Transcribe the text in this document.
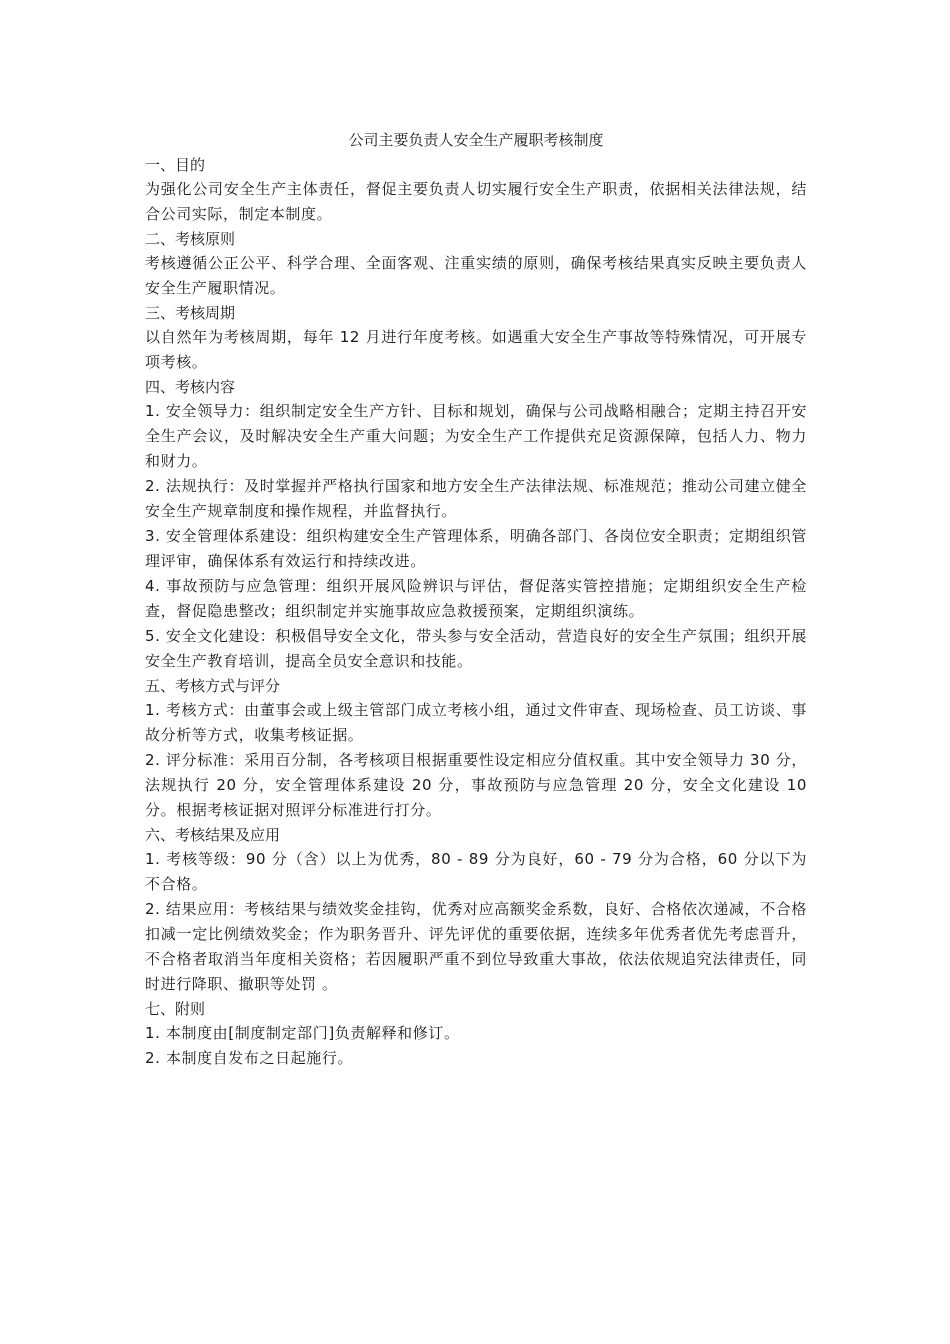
公司主要负责人安全生产履职考核制度
一、目的
为强化公司安全生产主体责任，督促主要负责人切实履行安全生产职责，依据相关法律法规，结合公司实际，制定本制度。
二、考核原则
考核遵循公正公平、科学合理、全面客观、注重实绩的原则，确保考核结果真实反映主要负责人安全生产履职情况。
三、考核周期
以自然年为考核周期，每年 12 月进行年度考核。如遇重大安全生产事故等特殊情况，可开展专项考核。
四、考核内容
1. 安全领导力：组织制定安全生产方针、目标和规划，确保与公司战略相融合；定期主持召开安全生产会议，及时解决安全生产重大问题；为安全生产工作提供充足资源保障，包括人力、物力和财力。
2. 法规执行：及时掌握并严格执行国家和地方安全生产法律法规、标准规范；推动公司建立健全安全生产规章制度和操作规程，并监督执行。
3. 安全管理体系建设：组织构建安全生产管理体系，明确各部门、各岗位安全职责；定期组织管理评审，确保体系有效运行和持续改进。
4. 事故预防与应急管理：组织开展风险辨识与评估，督促落实管控措施；定期组织安全生产检查，督促隐患整改；组织制定并实施事故应急救援预案，定期组织演练。
5. 安全文化建设：积极倡导安全文化，带头参与安全活动，营造良好的安全生产氛围；组织开展安全生产教育培训，提高全员安全意识和技能。
五、考核方式与评分
1. 考核方式：由董事会或上级主管部门成立考核小组，通过文件审查、现场检查、员工访谈、事故分析等方式，收集考核证据。
2. 评分标准：采用百分制，各考核项目根据重要性设定相应分值权重。其中安全领导力 30 分，法规执行 20 分，安全管理体系建设 20 分，事故预防与应急管理 20 分，安全文化建设 10 分。根据考核证据对照评分标准进行打分。
六、考核结果及应用
1. 考核等级：90 分（含）以上为优秀，80 - 89 分为良好，60 - 79 分为合格，60 分以下为不合格。
2. 结果应用：考核结果与绩效奖金挂钩，优秀对应高额奖金系数，良好、合格依次递减，不合格扣减一定比例绩效奖金；作为职务晋升、评先评优的重要依据，连续多年优秀者优先考虑晋升，不合格者取消当年度相关资格；若因履职严重不到位导致重大事故，依法依规追究法律责任，同时进行降职、撤职等处罚 。
七、附则
1. 本制度由[制度制定部门]负责解释和修订。
2. 本制度自发布之日起施行。
